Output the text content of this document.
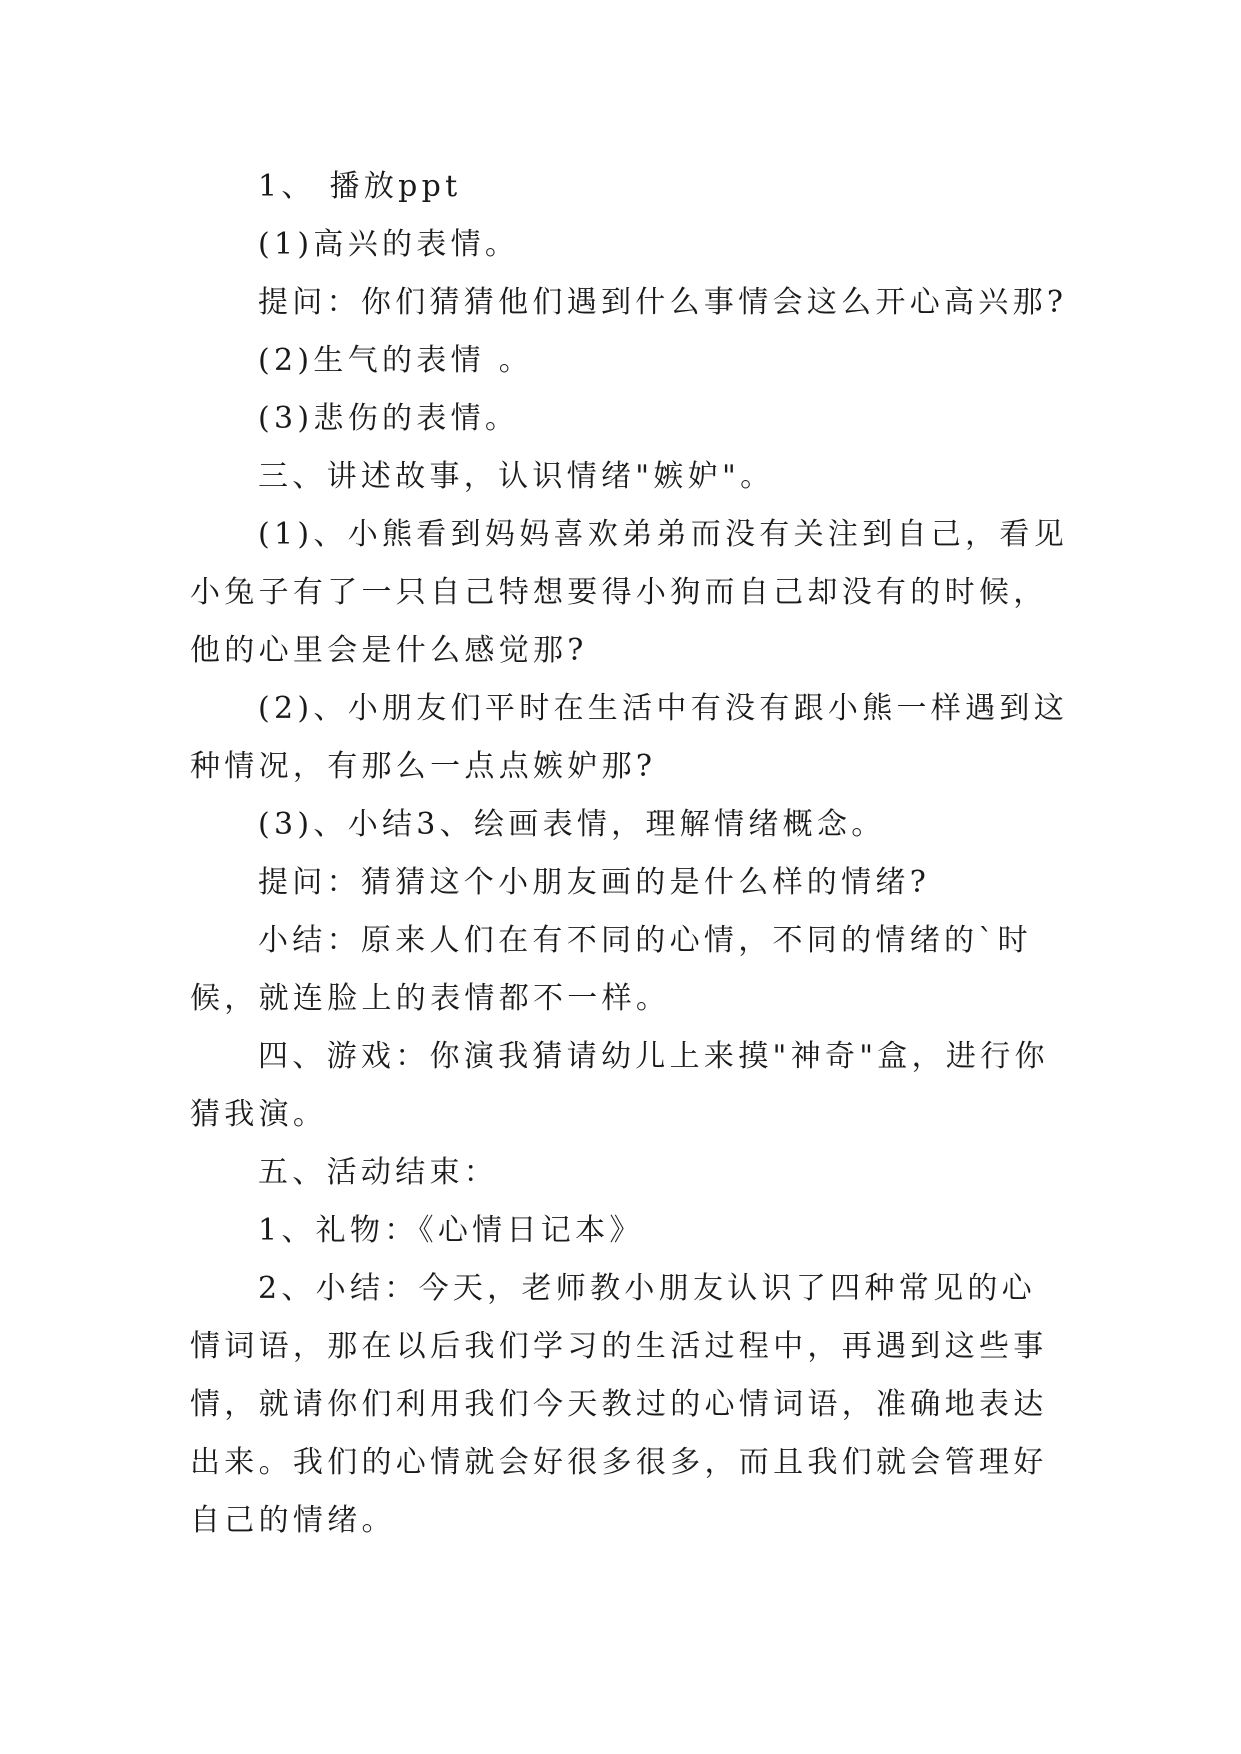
1、 播放ppt

(1)高兴的表情。

提问：你们猜猜他们遇到什么事情会这么开心高兴那?

(2)生气的表情 。

(3)悲伤的表情。

三、讲述故事，认识情绪"嫉妒"。

(1)、小熊看到妈妈喜欢弟弟而没有关注到自己，看见小兔子有了一只自己特想要得小狗而自己却没有的时候，他的心里会是什么感觉那?

(2)、小朋友们平时在生活中有没有跟小熊一样遇到这种情况，有那么一点点嫉妒那?

(3)、小结3、绘画表情，理解情绪概念。

提问：猜猜这个小朋友画的是什么样的情绪?

小结：原来人们在有不同的心情，不同的情绪的`时候，就连脸上的表情都不一样。

四、游戏：你演我猜请幼儿上来摸"神奇"盒，进行你猜我演。

五、活动结束：

1、礼物：《心情日记本》

2、小结：今天，老师教小朋友认识了四种常见的心情词语，那在以后我们学习的生活过程中，再遇到这些事情，就请你们利用我们今天教过的心情词语，准确地表达出来。我们的心情就会好很多很多，而且我们就会管理好自己的情绪。
